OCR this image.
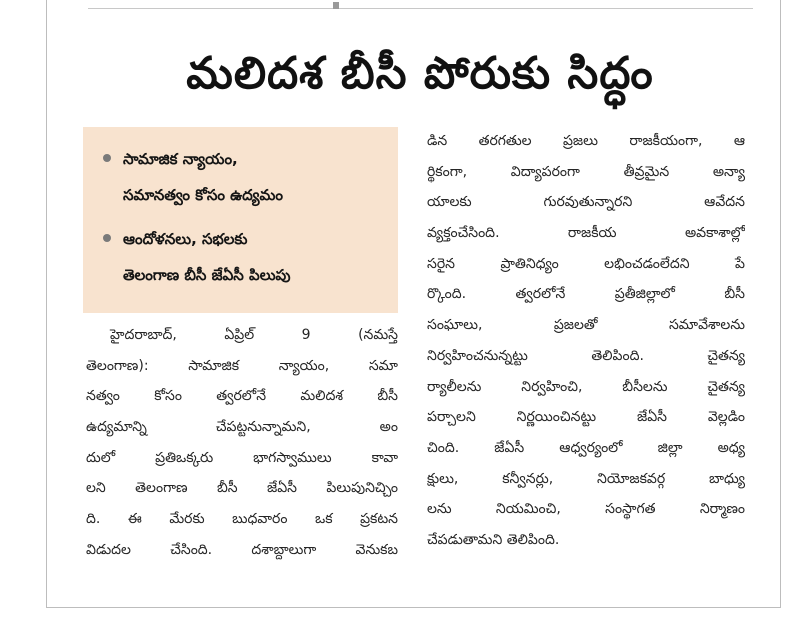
మలిదశ బీసీ పోరుకు సిద్ధం
సామాజిక న్యాయం,
సమానత్వం కోసం ఉద్యమం
ఆందోళనలు, సభలకు
తెలంగాణ బీసీ జేఏసీ పిలుపు
హైదరాబాద్, ఏప్రిల్ 9 (నమస్తే
తెలంగాణ): సామాజిక న్యాయం, సమా
నత్వం కోసం త్వరలోనే మలిదశ బీసీ
ఉద్యమాన్ని చేపట్టనున్నామని, అం
దులో ప్రతిఒక్కరు భాగస్వాములు కావా
లని తెలంగాణ బీసీ జేఏసీ పిలుపునిచ్చిం
ది. ఈ మేరకు బుధవారం ఒక ప్రకటన
విడుదల చేసింది. దశాబ్దాలుగా వెనుకబ
డిన తరగతుల ప్రజలు రాజకీయంగా, ఆ
ర్థికంగా, విద్యాపరంగా తీవ్రమైన అన్యా
యాలకు గురవుతున్నారని ఆవేదన
వ్యక్తంచేసింది. రాజకీయ అవకాశాల్లో
సరైన ప్రాతినిధ్యం లభించడంలేదని పే
ర్కొంది. త్వరలోనే ప్రతీజిల్లాలో బీసీ
సంఘాలు, ప్రజలతో సమావేశాలను
నిర్వహించనున్నట్టు తెలిపింది. చైతన్య
ర్యాలీలను నిర్వహించి, బీసీలను చైతన్య
పర్చాలని నిర్ణయించినట్టు జేఏసీ వెల్లడిం
చింది. జేఏసీ ఆధ్వర్యంలో జిల్లా అధ్య
క్షులు, కన్వీనర్లు, నియోజకవర్గ బాధ్యు
లను నియమించి, సంస్థాగత నిర్మాణం
చేపడుతామని తెలిపింది.
